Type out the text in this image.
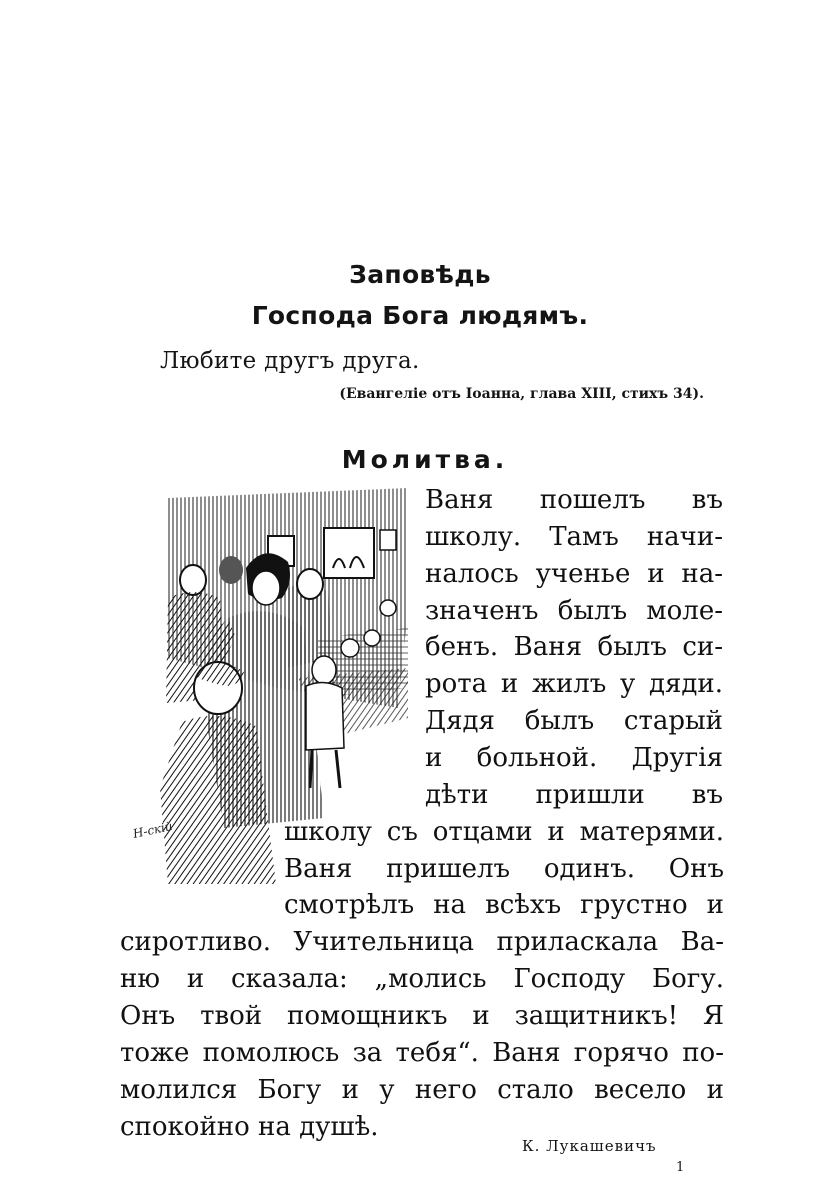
Заповѣдь
Господа Бога людямъ.
Любите другъ друга.
(Евангеліе отъ Іоанна, глава XIII, стихъ 34).
Молитва.
Н-скій
Ваня пошелъ въ
школу. Тамъ начи-
налось ученье и на-
значенъ былъ моле-
бенъ. Ваня былъ си-
рота и жилъ у дяди.
Дядя былъ старый
и больной. Другія
дѣти пришли въ
школу съ отцами и матерями.
Ваня пришелъ одинъ. Онъ
смотрѣлъ на всѣхъ грустно и
сиротливо. Учительница приласкала Ва-
ню и сказала: „молись Господу Богу.
Онъ твой помощникъ и защитникъ! Я
тоже помолюсь за тебя“. Ваня горячо по-
молился Богу и у него стало весело и
спокойно на душѣ.
К. Лукашевичъ
1
